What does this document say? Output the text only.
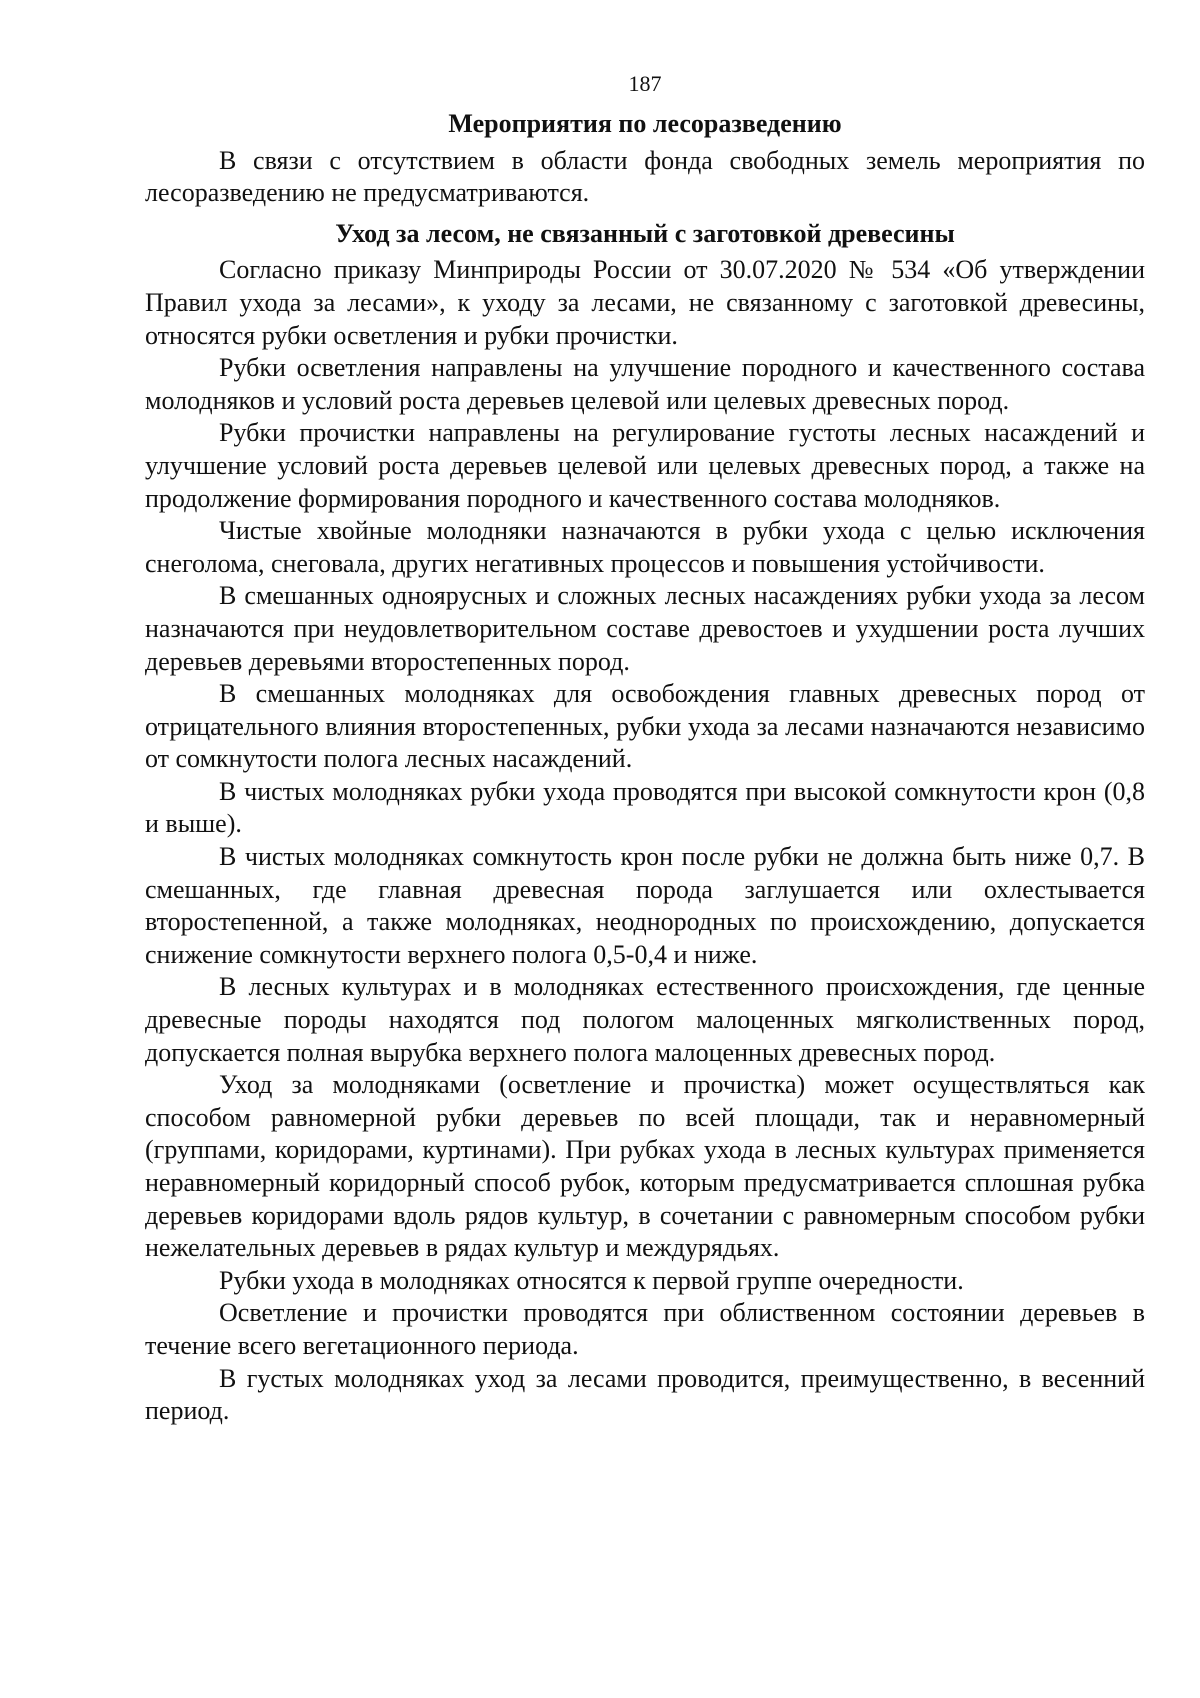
187
Мероприятия по лесоразведению

В связи с отсутствием в области фонда свободных земель мероприятия по лесоразведению не предусматриваются.

Уход за лесом, не связанный с заготовкой древесины

Согласно приказу Минприроды России от 30.07.2020 № 534 «Об утверждении Правил ухода за лесами», к уходу за лесами, не связанному с заготовкой древесины, относятся рубки осветления и рубки прочистки.

Рубки осветления направлены на улучшение породного и качественного состава молодняков и условий роста деревьев целевой или целевых древесных пород.

Рубки прочистки направлены на регулирование густоты лесных насаждений и улучшение условий роста деревьев целевой или целевых древесных пород, а также на продолжение формирования породного и качественного состава молодняков.

Чистые хвойные молодняки назначаются в рубки ухода с целью исключения снеголома, снеговала, других негативных процессов и повышения устойчивости.

В смешанных одноярусных и сложных лесных насаждениях рубки ухода за лесом назначаются при неудовлетворительном составе древостоев и ухудшении роста лучших деревьев деревьями второстепенных пород.

В смешанных молодняках для освобождения главных древесных пород от отрицательного влияния второстепенных, рубки ухода за лесами назначаются независимо от сомкнутости полога лесных насаждений.

В чистых молодняках рубки ухода проводятся при высокой сомкнутости крон (0,8 и выше).

В чистых молодняках сомкнутость крон после рубки не должна быть ниже 0,7. В смешанных, где главная древесная порода заглушается или охлестывается второстепенной, а также молодняках, неоднородных по происхождению, допускается снижение сомкнутости верхнего полога 0,5-0,4 и ниже.

В лесных культурах и в молодняках естественного происхождения, где ценные древесные породы находятся под пологом малоценных мягколиственных пород, допускается полная вырубка верхнего полога малоценных древесных пород.

Уход за молодняками (осветление и прочистка) может осуществляться как способом равномерной рубки деревьев по всей площади, так и неравномерный (группами, коридорами, куртинами). При рубках ухода в лесных культурах применяется неравномерный коридорный способ рубок, которым предусматривается сплошная рубка деревьев коридорами вдоль рядов культур, в сочетании с равномерным способом рубки нежелательных деревьев в рядах культур и междурядьях.

Рубки ухода в молодняках относятся к первой группе очередности.

Осветление и прочистки проводятся при облиственном состоянии деревьев в течение всего вегетационного периода.

В густых молодняках уход за лесами проводится, преимущественно, в весенний период.
